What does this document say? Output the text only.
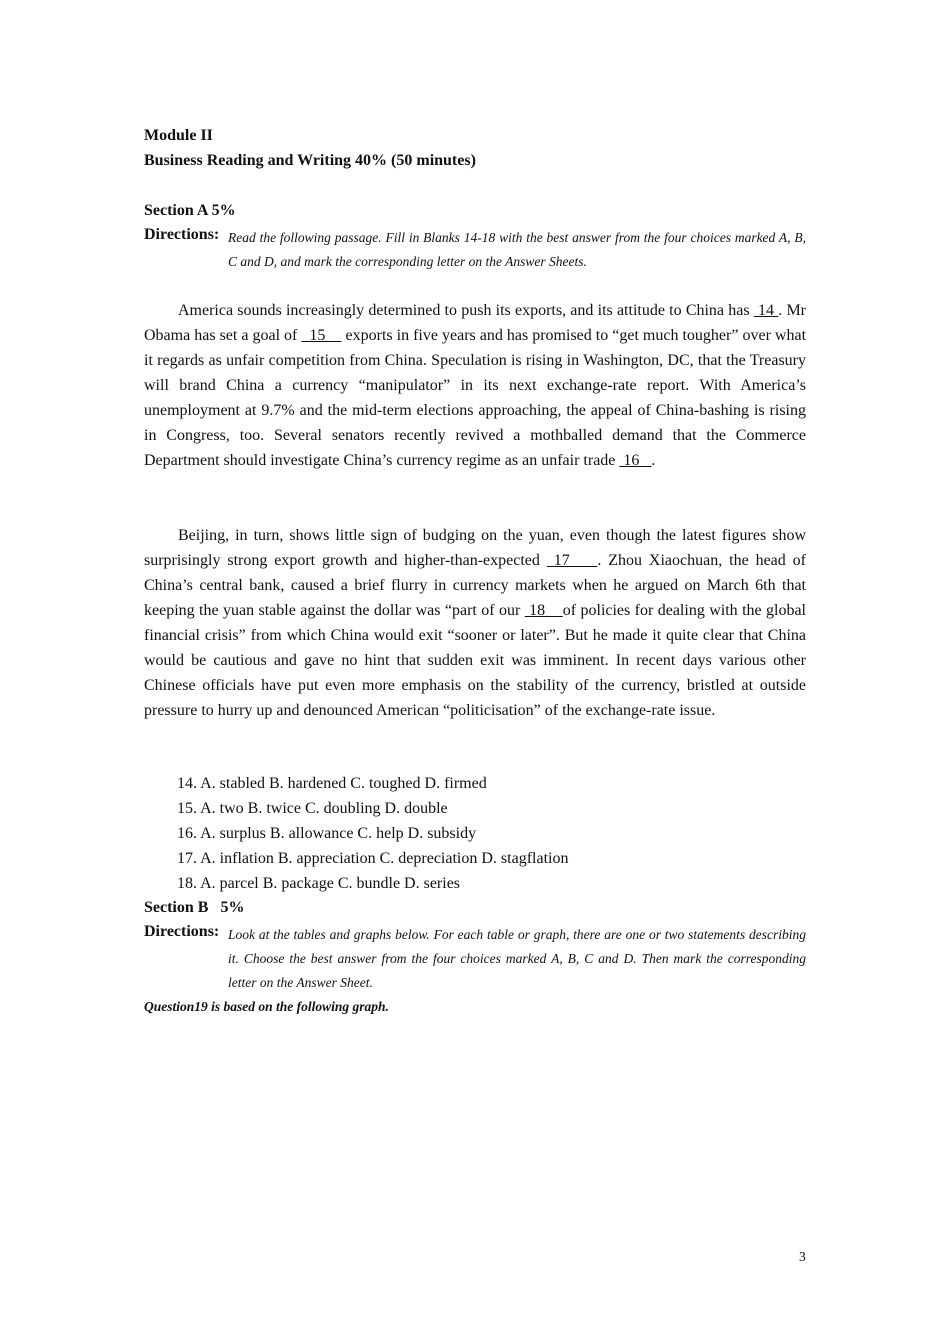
Module II
Business Reading and Writing 40% (50 minutes)
Section A 5%
Directions: Read the following passage. Fill in Blanks 14-18 with the best answer from the four choices marked A, B, C and D, and mark the corresponding letter on the Answer Sheets.

America sounds increasingly determined to push its exports, and its attitude to China has  14 . Mr Obama has set a goal of   15     exports in five years and has promised to “get much tougher” over what it regards as unfair competition from China. Speculation is rising in Washington, DC, that the Treasury will brand China a currency “manipulator” in its next exchange-rate report. With America’s unemployment at 9.7% and the mid-term elections approaching, the appeal of China-bashing is rising in Congress, too. Several senators recently revived a mothballed demand that the Commerce Department should investigate China’s currency regime as an unfair trade  16   .

Beijing, in turn, shows little sign of budging on the yuan, even though the latest figures show surprisingly strong export growth and higher-than-expected  17    . Zhou Xiaochuan, the head of China’s central bank, caused a brief flurry in currency markets when he argued on March 6th that keeping the yuan stable against the dollar was “part of our  18    of policies for dealing with the global financial crisis” from which China would exit “sooner or later”. But he made it quite clear that China would be cautious and gave no hint that sudden exit was imminent. In recent days various other Chinese officials have put even more emphasis on the stability of the currency, bristled at outside pressure to hurry up and denounced American “politicisation” of the exchange-rate issue.

14. A. stabled B. hardened C. toughed D. firmed
15. A. two B. twice C. doubling D. double
16. A. surplus B. allowance C. help D. subsidy
17. A. inflation B. appreciation C. depreciation D. stagflation
18. A. parcel B. package C. bundle D. series
Section B   5%
Directions: Look at the tables and graphs below. For each table or graph, there are one or two statements describing it. Choose the best answer from the four choices marked A, B, C and D. Then mark the corresponding letter on the Answer Sheet.
Question19 is based on the following graph.
3
